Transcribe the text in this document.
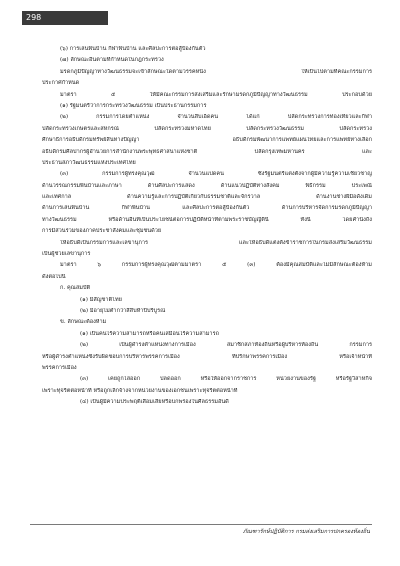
298
(๖) การเล่นพื้นบ้าน กีฬาพื้นบ้าน และศิลปะการต่อสู้ป้องกันตัว
(๗) ลักษณะอื่นตามที่กำหนดในกฎกระทรวง
มรดกภูมิปัญญาทางวัฒนธรรมจะเข้าลักษณะใดตามวรรคหนึ่ง ให้เป็นไปตามที่คณะกรรมการ
ประกาศกำหนด
มาตรา ๕ ให้มีคณะกรรมการส่งเสริมและรักษามรดกภูมิปัญญาทางวัฒนธรรม ประกอบด้วย
(๑) รัฐมนตรีว่าการกระทรวงวัฒนธรรม เป็นประธานกรรมการ
(๒) กรรมการโดยตำแหน่ง จำนวนสิบเอ็ดคน ได้แก่ ปลัดกระทรวงการท่องเที่ยวและกีฬา
ปลัดกระทรวงเกษตรและสหกรณ์ ปลัดกระทรวงมหาดไทย ปลัดกระทรวงวัฒนธรรม ปลัดกระทรวง
ศึกษาธิการอธิบดีกรมทรัพย์สินทางปัญญา อธิบดีกรมพัฒนาการแพทย์แผนไทยและการแพทย์ทางเลือก
อธิบดีกรมศิลปากรผู้อำนวยการสำนักงานพระพุทธศาสนาแห่งชาติ ปลัดกรุงเทพมหานคร และ
ประธานสภาวัฒนธรรมแห่งประเทศไทย
(๓) กรรมการผู้ทรงคุณวุฒิ จำนวนแปดคน ซึ่งรัฐมนตรีแต่งตั้งจากผู้มีความรู้ความเชี่ยวชาญ
ด้านวรรณกรรมพื้นบ้านและภาษา ด้านศิลปะการแสดง ด้านแนวปฏิบัติทางสังคม พิธีกรรม ประเพณี
และเทศกาล ด้านความรู้และการปฏิบัติเกี่ยวกับธรรมชาติและจักรวาล ด้านงานช่างฝีมือดั้งเดิม
ด้านการเล่นพื้นบ้าน กีฬาพื้นบ้าน และศิลปะการต่อสู้ป้องกันตัว ด้านการบริหารจัดการมรดกภูมิปัญญา
ทางวัฒนธรรม หรือด้านอื่นที่เป็นประโยชน์ต่อการปฏิบัติหน้าที่ตามพระราชบัญญัตินี้ ทั้งนี้ โดยคำนึงถึง
การมีส่วนร่วมของภาคประชาสังคมและชุมชนด้วย
ให้อธิบดีเป็นกรรมการและเลขานุการ และให้อธิบดีแต่งตั้งข้าราชการในกรมส่งเสริมวัฒนธรรม
เป็นผู้ช่วยเลขานุการ
มาตรา ๖ กรรมการผู้ทรงคุณวุฒิตามมาตรา ๕ (๓) ต้องมีคุณสมบัติและไม่มีลักษณะต้องห้าม
ดังต่อไปนี้
ก. คุณสมบัติ
(๑) มีสัญชาติไทย
(๒) มีอายุไม่ต่ำกว่าสี่สิบห้าปีบริบูรณ์
ข. ลักษณะต้องห้าม
(๑) เป็นคนไร้ความสามารถหรือคนเสมือนไร้ความสามารถ
(๒) เป็นผู้ดำรงตำแหน่งทางการเมือง สมาชิกสภาท้องถิ่นหรือผู้บริหารท้องถิ่น กรรมการ
หรือผู้ดำรงตำแหน่งซึ่งรับผิดชอบการบริหารพรรคการเมือง ที่ปรึกษาพรรคการเมือง หรือเจ้าหน้าที่
พรรคการเมือง
(๓) เคยถูกไล่ออก ปลดออก หรือให้ออกจากราชการ หน่วยงานของรัฐ หรือรัฐวิสาหกิจ
เพราะทุจริตต่อหน้าที่ หรือถูกเลิกจ้างจากหน่วยงานของเอกชนเพราะทุจริตต่อหน้าที่
(๔) เป็นผู้มีความประพฤติเสื่อมเสียหรือบกพร่องในศีลธรรมอันดี
ภัณฑารักษ์ปฏิบัติการ กรมส่งเสริมการปกครองท้องถิ่น
